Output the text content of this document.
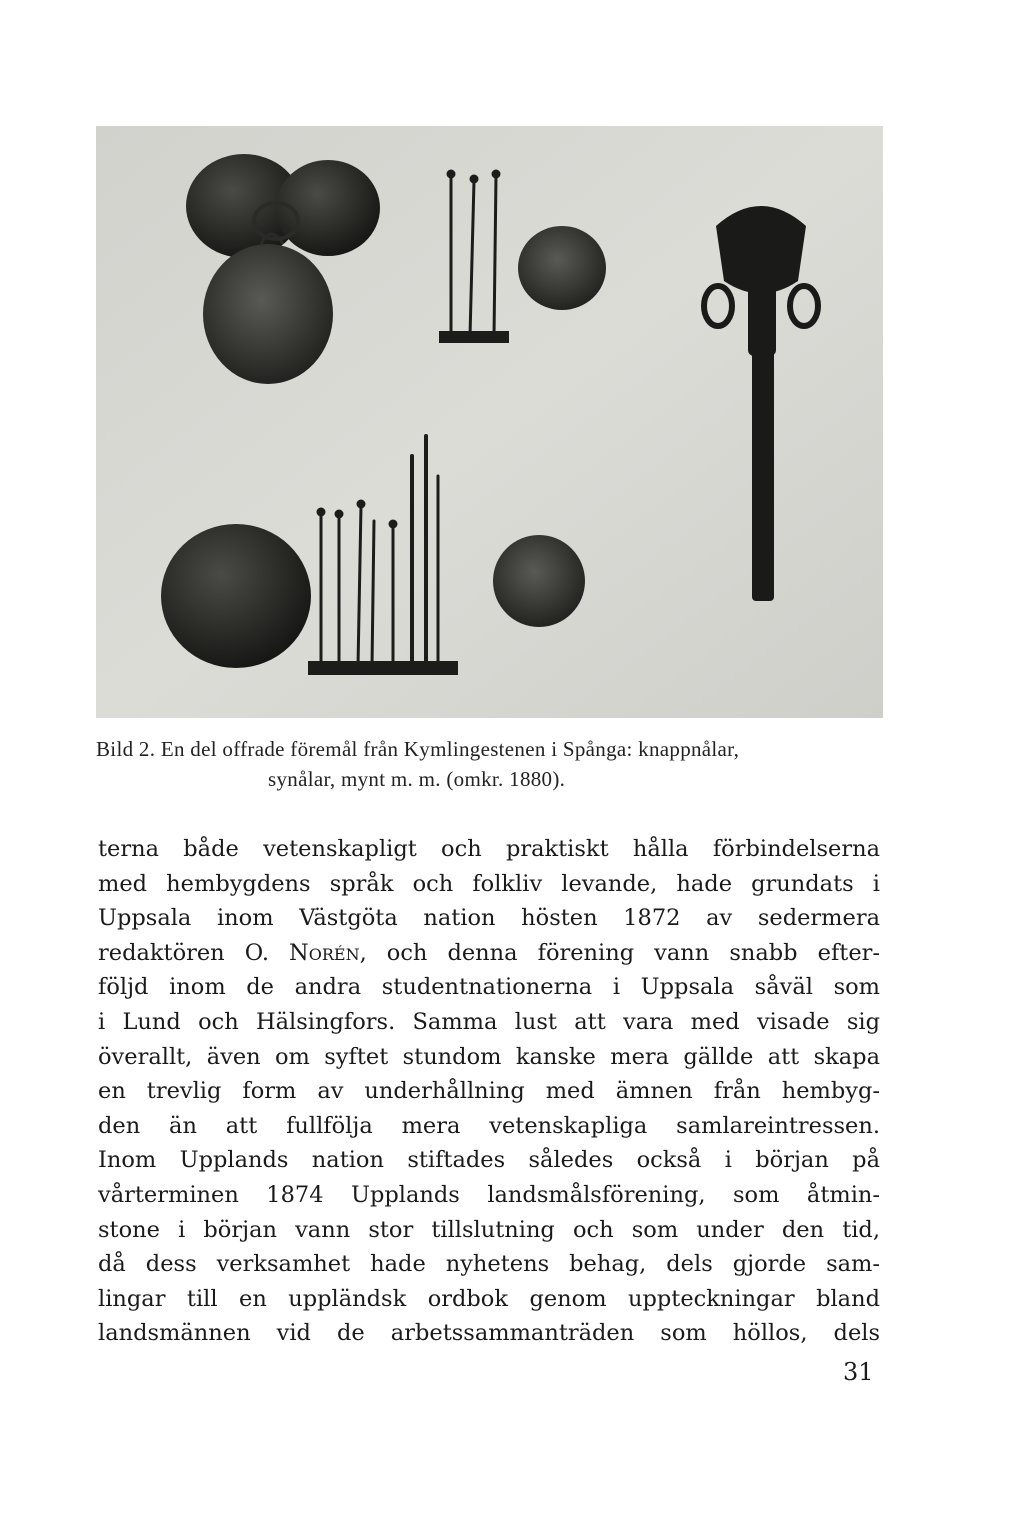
Bild 2. En del offrade föremål från Kymlingestenen i Spånga: knappnålar,
synålar, mynt m. m. (omkr. 1880).
terna både vetenskapligt och praktiskt hålla förbindelserna
med hembygdens språk och folkliv levande, hade grundats i
Uppsala inom Västgöta nation hösten 1872 av sedermera
redaktören O. Norén, och denna förening vann snabb efter-
följd inom de andra studentnationerna i Uppsala såväl som
i Lund och Hälsingfors. Samma lust att vara med visade sig
överallt, även om syftet stundom kanske mera gällde att skapa
en trevlig form av underhållning med ämnen från hembyg-
den än att fullfölja mera vetenskapliga samlareintressen.
Inom Upplands nation stiftades således också i början på
vårterminen 1874 Upplands landsmålsförening, som åtmin-
stone i början vann stor tillslutning och som under den tid,
då dess verksamhet hade nyhetens behag, dels gjorde sam-
lingar till en uppländsk ordbok genom uppteckningar bland
landsmännen vid de arbetssammanträden som höllos, dels
31
